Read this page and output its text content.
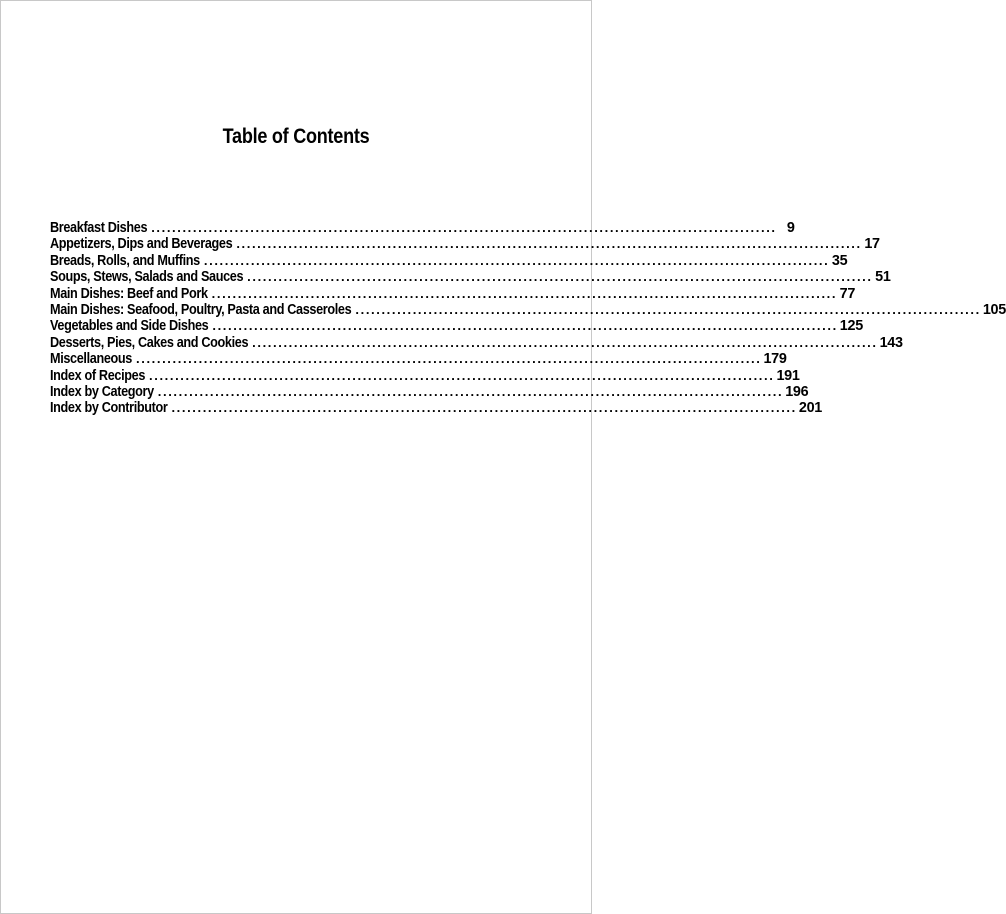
Table of Contents
Breakfast Dishes ........................................................................................................................ 9
Appetizers, Dips and Beverages ........................................................................................................................ 17
Breads, Rolls, and Muffins ........................................................................................................................ 35
Soups, Stews, Salads and Sauces ........................................................................................................................ 51
Main Dishes: Beef and Pork ........................................................................................................................ 77
Main Dishes: Seafood, Poultry, Pasta and Casseroles ........................................................................................................................ 105
Vegetables and Side Dishes ........................................................................................................................ 125
Desserts, Pies, Cakes and Cookies ........................................................................................................................ 143
Miscellaneous ........................................................................................................................ 179
Index of Recipes ........................................................................................................................ 191
Index by Category ........................................................................................................................ 196
Index by Contributor ........................................................................................................................ 201
